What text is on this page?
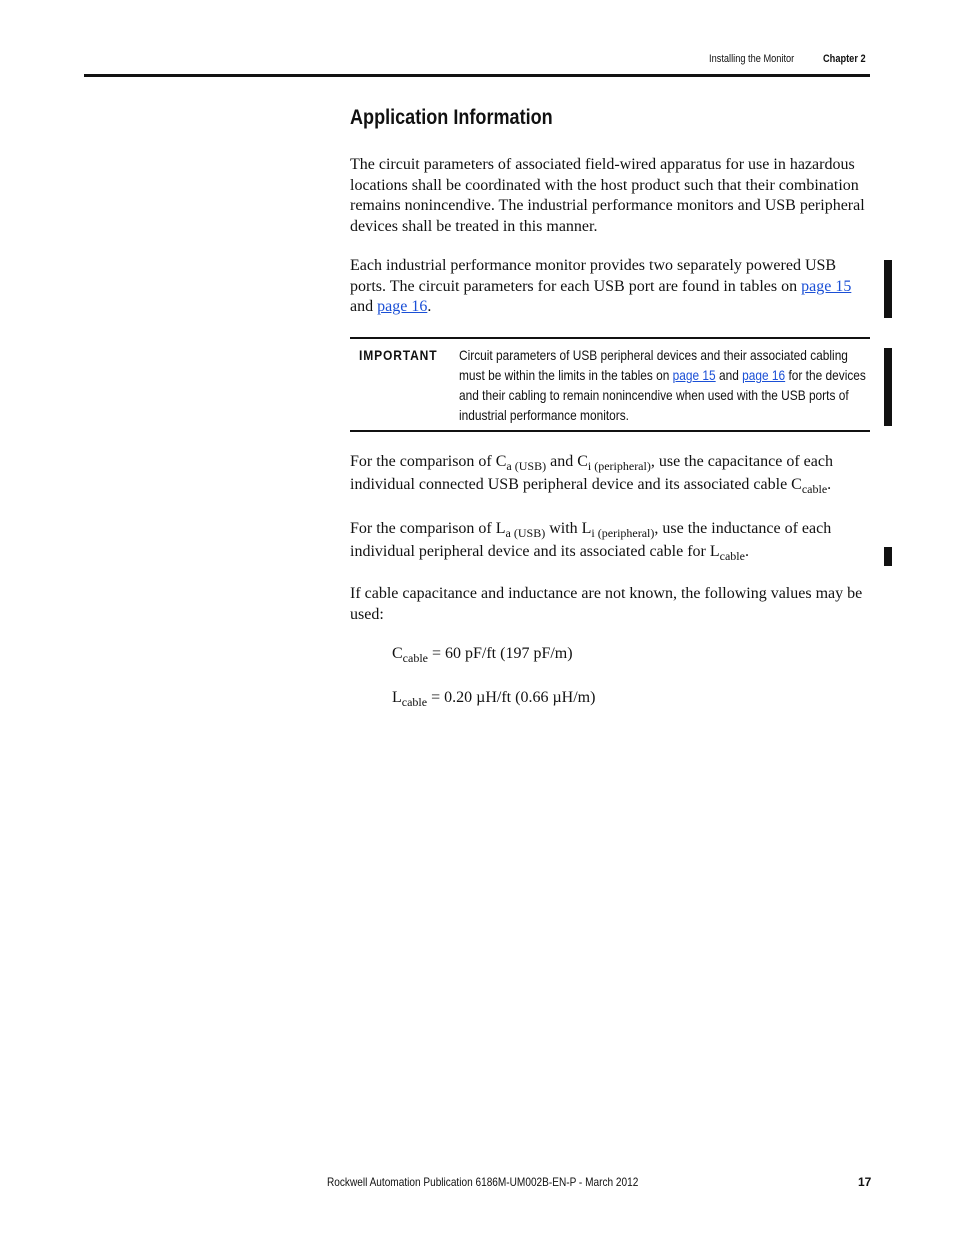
Installing the Monitor	Chapter 2
Application Information

The circuit parameters of associated field-wired apparatus for use in hazardous locations shall be coordinated with the host product such that their combination remains nonincendive. The industrial performance monitors and USB peripheral devices shall be treated in this manner.

Each industrial performance monitor provides two separately powered USB ports. The circuit parameters for each USB port are found in tables on page 15 and page 16.

IMPORTANT Circuit parameters of USB peripheral devices and their associated cabling must be within the limits in the tables on page 15 and page 16 for the devices and their cabling to remain nonincendive when used with the USB ports of industrial performance monitors.

For the comparison of $C_{a (USB)}$ and $C_{i (peripheral)}$, use the capacitance of each individual connected USB peripheral device and its associated cable $C_{cable}$.

For the comparison of $L_{a (USB)}$ with $L_{i (peripheral)}$, use the inductance of each individual peripheral device and its associated cable for $L_{cable}$.

If cable capacitance and inductance are not known, the following values may be used:

$C_{cable} = 60$ pF/ft (197 pF/m)

$L_{cable} = 0.20$ µH/ft (0.66 µH/m)

Rockwell Automation Publication 6186M-UM002B-EN-P - March 2012	17
